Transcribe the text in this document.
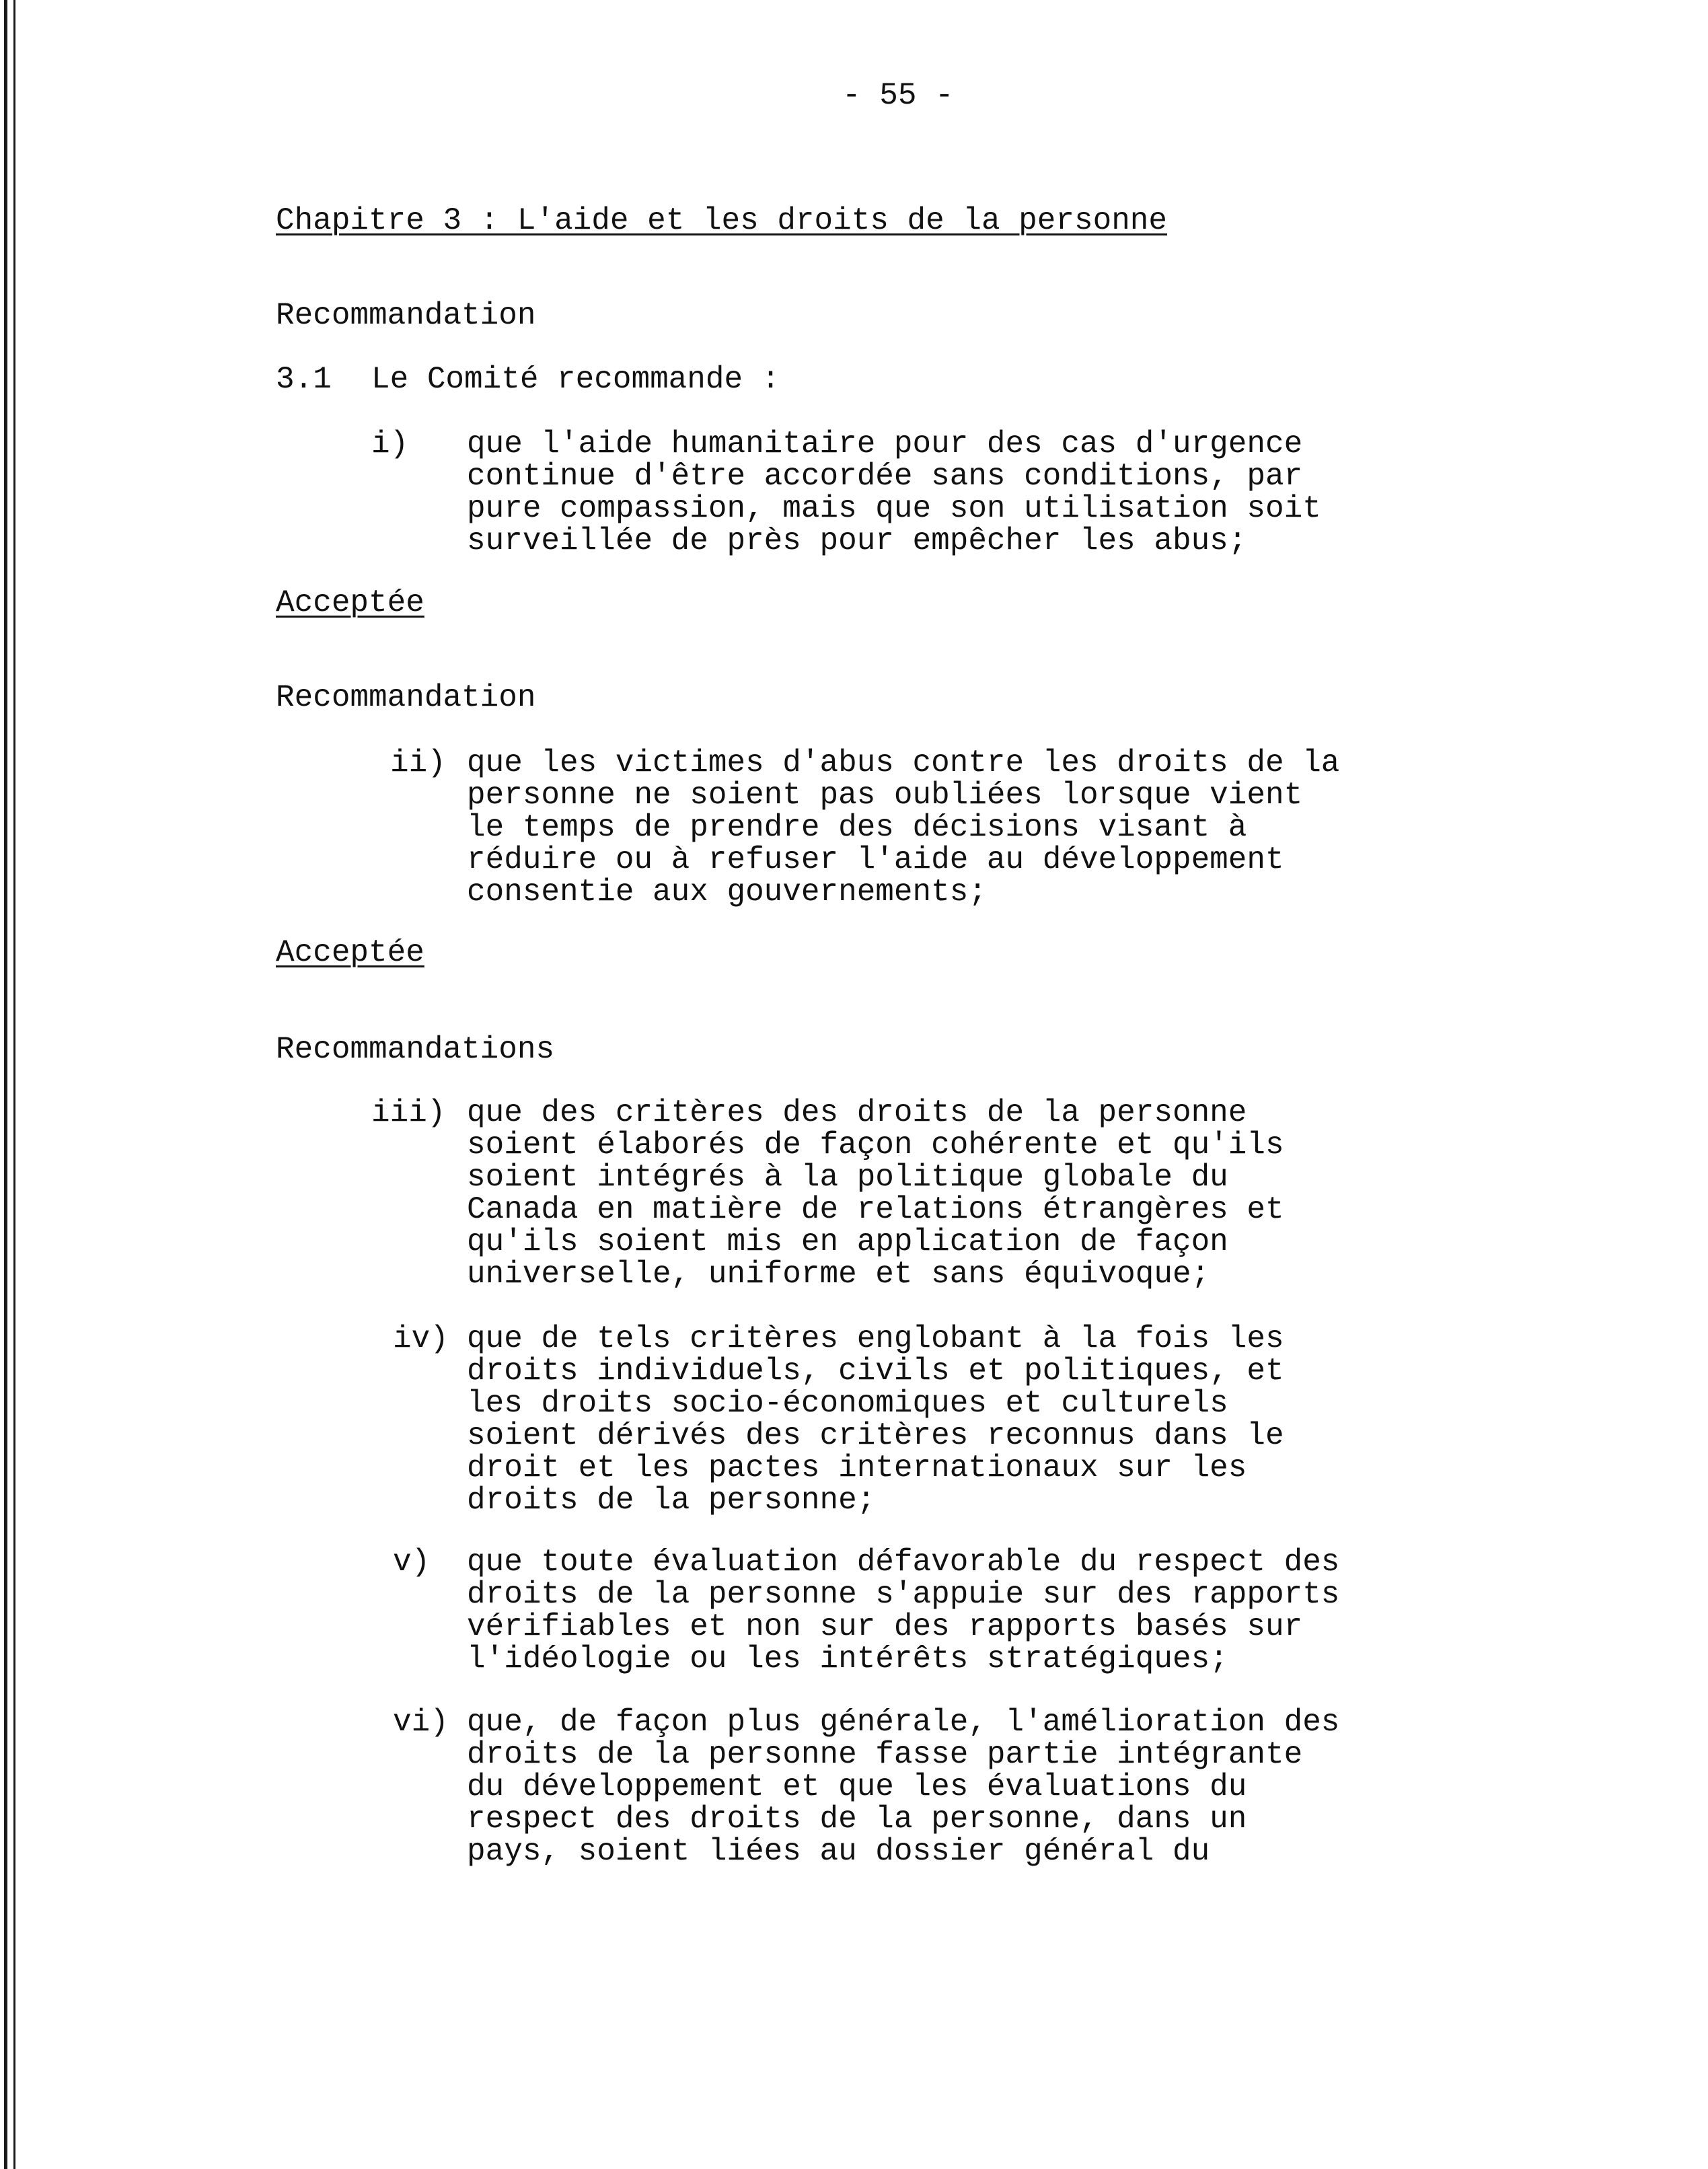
- 55 -
Chapitre 3 : L'aide et les droits de la personne
Recommandation
3.1 Le Comité recommande :
i) que l'aide humanitaire pour des cas d'urgence
continue d'être accordée sans conditions, par
pure compassion, mais que son utilisation soit
surveillée de près pour empêcher les abus;
Acceptée
Recommandation
ii) que les victimes d'abus contre les droits de la
personne ne soient pas oubliées lorsque vient
le temps de prendre des décisions visant à
réduire ou à refuser l'aide au développement
consentie aux gouvernements;
Acceptée
Recommandations
iii) que des critères des droits de la personne
soient élaborés de façon cohérente et qu'ils
soient intégrés à la politique globale du
Canada en matière de relations étrangères et
qu'ils soient mis en application de façon
universelle, uniforme et sans équivoque;
iv) que de tels critères englobant à la fois les
droits individuels, civils et politiques, et
les droits socio-économiques et culturels
soient dérivés des critères reconnus dans le
droit et les pactes internationaux sur les
droits de la personne;
v) que toute évaluation défavorable du respect des
droits de la personne s'appuie sur des rapports
vérifiables et non sur des rapports basés sur
l'idéologie ou les intérêts stratégiques;
vi) que, de façon plus générale, l'amélioration des
droits de la personne fasse partie intégrante
du développement et que les évaluations du
respect des droits de la personne, dans un
pays, soient liées au dossier général du
